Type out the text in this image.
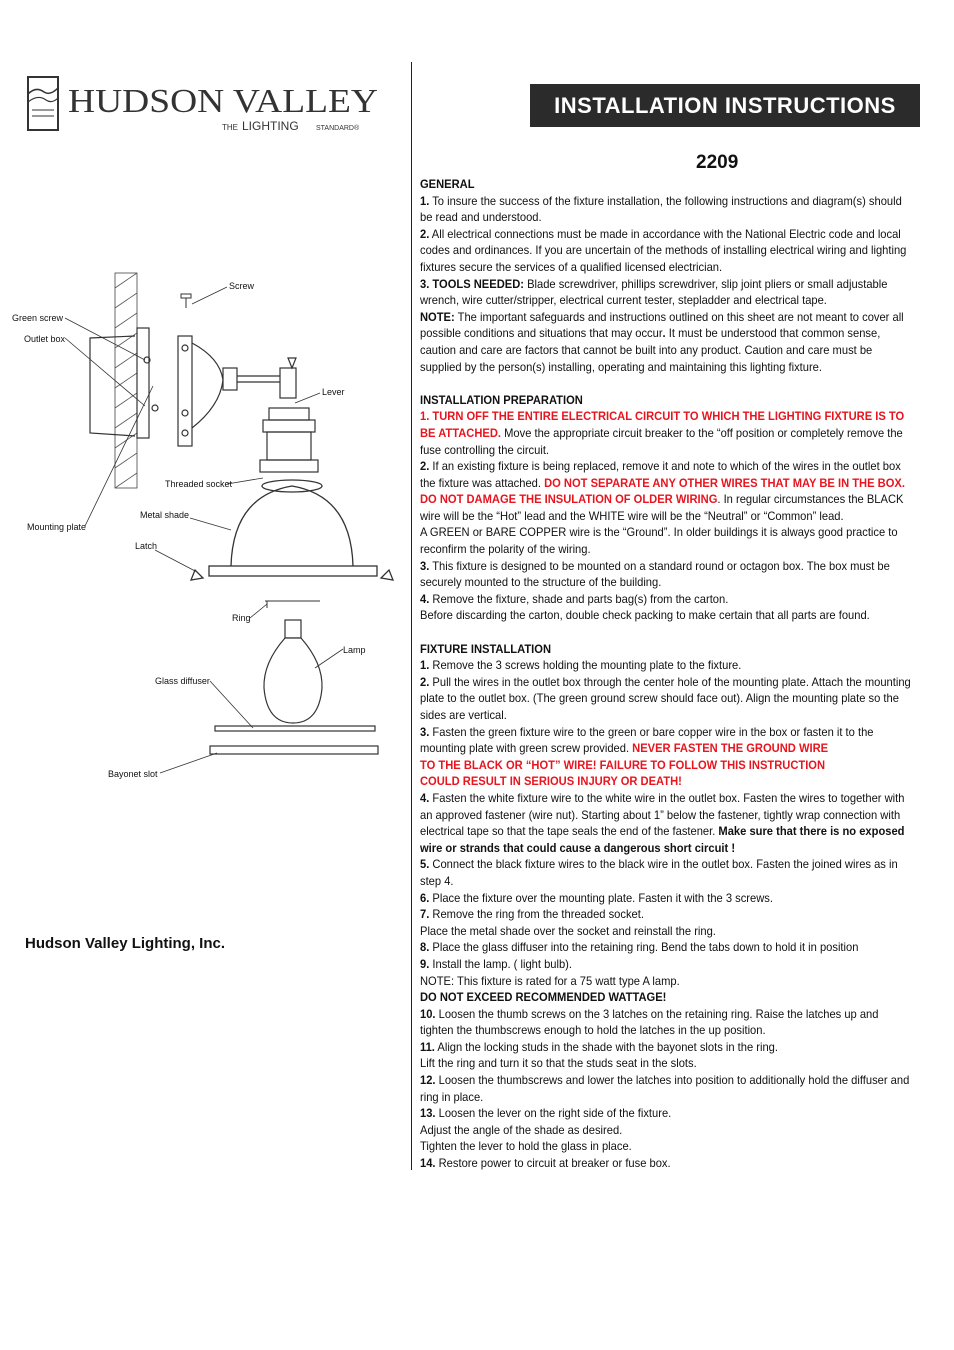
HUDSON VALLEY
THE LIGHTING STANDARD®
INSTALLATION INSTRUCTIONS
2209
Hudson Valley Lighting, Inc.
Screw
Green screw
Outlet box
Lever
Threaded socket
Metal shade
Mounting plate
Latch
Ring
Lamp
Glass diffuser
Bayonet slot
GENERAL
1. To insure the success of the fixture installation, the following instructions and diagram(s) should be read and understood.
2. All electrical connections must be made in accordance with the National Electric code and local codes and ordinances. If you are uncertain of the methods of installing electrical wiring and lighting fixtures secure the services of a qualified licensed electrician.
3. TOOLS NEEDED: Blade screwdriver, phillips screwdriver, slip joint pliers or small adjustable wrench, wire cutter/stripper, electrical current tester, stepladder and electrical tape.
NOTE: The important safeguards and instructions outlined on this sheet are not meant to cover all possible conditions and situations that may occur. It must be understood that common sense, caution and care are factors that cannot be built into any product. Caution and care must be supplied by the person(s) installing, operating and maintaining this lighting fixture.
INSTALLATION PREPARATION
1. TURN OFF THE ENTIRE ELECTRICAL CIRCUIT TO WHICH THE LIGHTING FIXTURE IS TO BE ATTACHED. Move the appropriate circuit breaker to the “off position or completely remove the fuse controlling the circuit.
2. If an existing fixture is being replaced, remove it and note to which of the wires in the outlet box the fixture was attached. DO NOT SEPARATE ANY OTHER WIRES THAT MAY BE IN THE BOX. DO NOT DAMAGE THE INSULATION OF OLDER WIRING. In regular circumstances the BLACK wire will be the “Hot” lead and the WHITE wire will be the “Neutral” or “Common” lead.
A GREEN or BARE COPPER wire is the “Ground”. In older buildings it is always good practice to reconfirm the polarity of the wiring.
3. This fixture is designed to be mounted on a standard round or octagon box. The box must be securely mounted to the structure of the building.
4. Remove the fixture, shade and parts bag(s) from the carton.
Before discarding the carton, double check packing to make certain that all parts are found.
FIXTURE INSTALLATION
1. Remove the 3 screws holding the mounting plate to the fixture.
2. Pull the wires in the outlet box through the center hole of the mounting plate. Attach the mounting plate to the outlet box. (The green ground screw should face out). Align the mounting plate so the sides are vertical.
3. Fasten the green fixture wire to the green or bare copper wire in the box or fasten it to the mounting plate with green screw provided. NEVER FASTEN THE GROUND WIRE
TO THE BLACK OR “HOT” WIRE! FAILURE TO FOLLOW THIS INSTRUCTION
COULD RESULT IN SERIOUS INJURY OR DEATH!
4. Fasten the white fixture wire to the white wire in the outlet box. Fasten the wires to together with an approved fastener (wire nut). Starting about 1” below the fastener, tightly wrap connection with electrical tape so that the tape seals the end of the fastener. Make sure that there is no exposed wire or strands that could cause a dangerous short circuit !
5. Connect the black fixture wires to the black wire in the outlet box. Fasten the joined wires as in step 4.
6. Place the fixture over the mounting plate. Fasten it with the 3 screws.
7. Remove the ring from the threaded socket.
Place the metal shade over the socket and reinstall the ring.
8. Place the glass diffuser into the retaining ring. Bend the tabs down to hold it in position
9. Install the lamp. ( light bulb).
NOTE: This fixture is rated for a 75 watt type A lamp.
DO NOT EXCEED RECOMMENDED WATTAGE!
10. Loosen the thumb screws on the 3 latches on the retaining ring. Raise the latches up and tighten the thumbscrews enough to hold the latches in the up position.
11. Align the locking studs in the shade with the bayonet slots in the ring.
Lift the ring and turn it so that the studs seat in the slots.
12. Loosen the thumbscrews and lower the latches into position to additionally hold the diffuser and ring in place.
13. Loosen the lever on the right side of the fixture.
Adjust the angle of the shade as desired.
Tighten the lever to hold the glass in place.
14. Restore power to circuit at breaker or fuse box.
